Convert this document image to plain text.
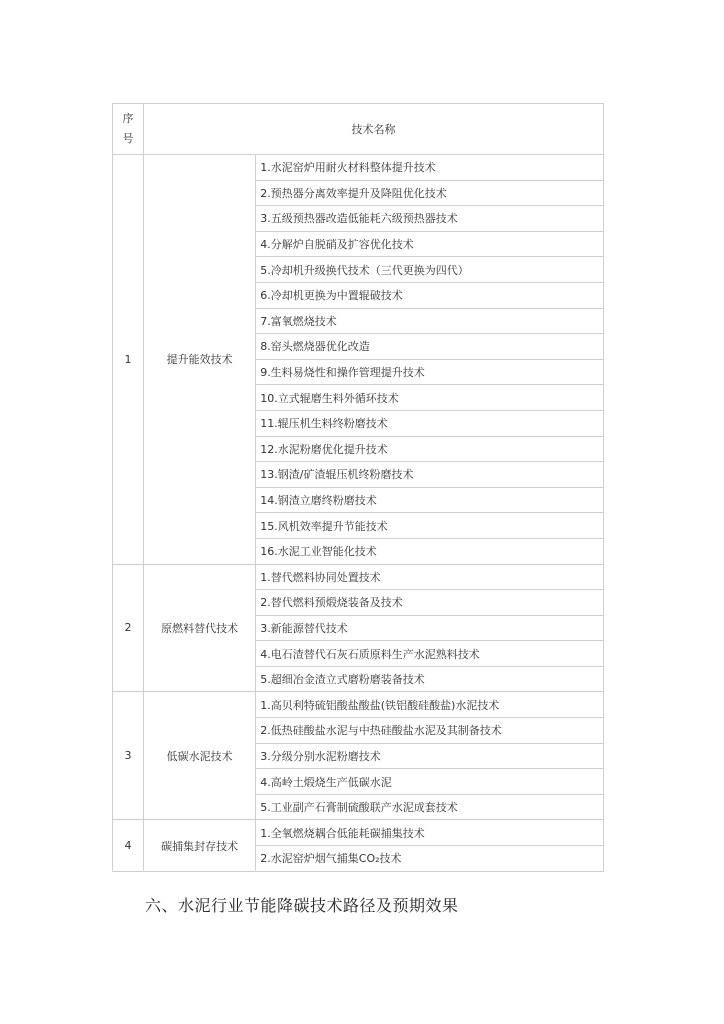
序
号	技术名称	
1	提升能效技术	1.水泥窑炉用耐火材料整体提升技术
		2.预热器分离效率提升及降阻优化技术
		3.五级预热器改造低能耗六级预热器技术
		4.分解炉自脱硝及扩容优化技术
		5.冷却机升级换代技术（三代更换为四代）
		6.冷却机更换为中置辊破技术
		7.富氧燃烧技术
		8.窑头燃烧器优化改造
		9.生料易烧性和操作管理提升技术
		10.立式辊磨生料外循环技术
		11.辊压机生料终粉磨技术
		12.水泥粉磨优化提升技术
		13.钢渣/矿渣辊压机终粉磨技术
		14.钢渣立磨终粉磨技术
		15.风机效率提升节能技术
		16.水泥工业智能化技术
2	原燃料替代技术	1.替代燃料协同处置技术
		2.替代燃料预煅烧装备及技术
		3.新能源替代技术
		4.电石渣替代石灰石质原料生产水泥熟料技术
		5.超细冶金渣立式磨粉磨装备技术
3	低碳水泥技术	1.高贝利特硫铝酸盐酸盐(铁铝酸硅酸盐)水泥技术
		2.低热硅酸盐水泥与中热硅酸盐水泥及其制备技术
		3.分级分别水泥粉磨技术
		4.高岭土煅烧生产低碳水泥
		5.工业副产石膏制硫酸联产水泥成套技术
4	碳捕集封存技术	1.全氧燃烧耦合低能耗碳捕集技术
		2.水泥窑炉烟气捕集CO₂技术
六、水泥行业节能降碳技术路径及预期效果
